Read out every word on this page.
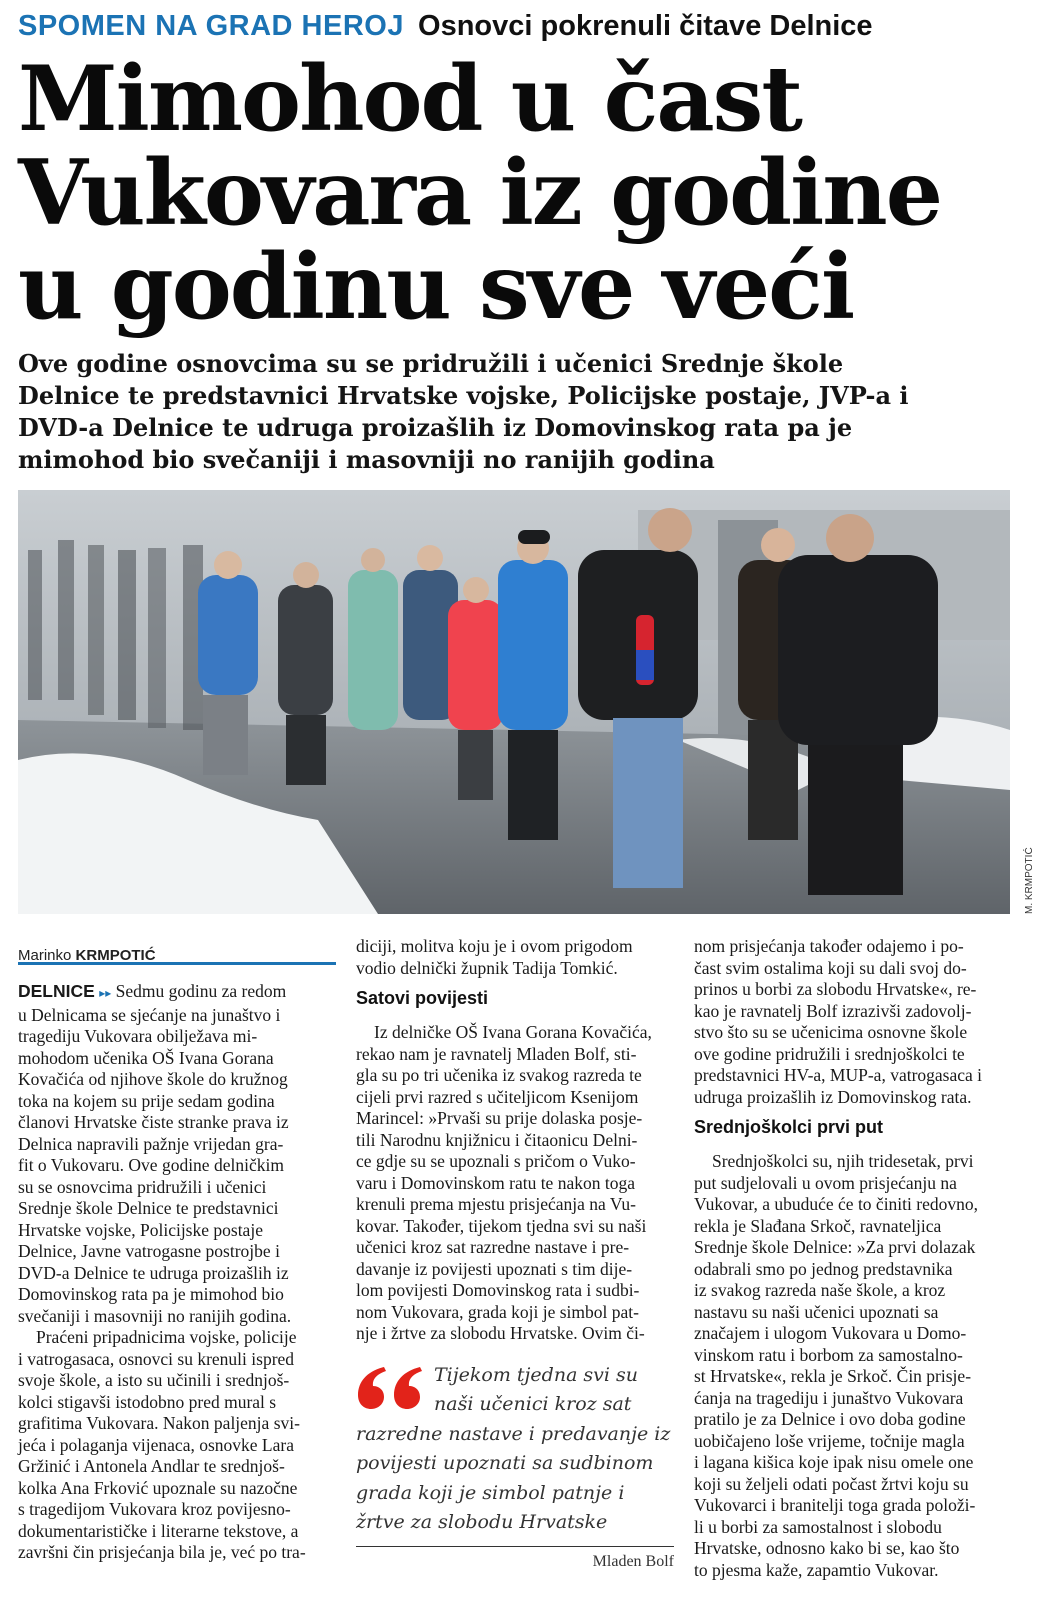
SPOMEN NA GRAD HEROJ Osnovci pokrenuli čitave Delnice
Mimohod u čast
Vukovara iz godine
u godinu sve veći
Ove godine osnovcima su se pridružili i učenici Srednje škole
Delnice te predstavnici Hrvatske vojske, Policijske postaje, JVP-a i
DVD-a Delnice te udruga proizašlih iz Domovinskog rata pa je
mimohod bio svečaniji i masovniji no ranijih godina
M. KRMPOTIĆ
Marinko KRMPOTIĆ
DELNICE ▸▸ Sedmu godinu za redom
u Delnicama se sjećanje na junaštvo i
tragediju Vukovara obilježava mi-
mohodom učenika OŠ Ivana Gorana
Kovačića od njihove škole do kružnog
toka na kojem su prije sedam godina
članovi Hrvatske čiste stranke prava iz
Delnica napravili pažnje vrijedan gra-
fit o Vukovaru. Ove godine delničkim
su se osnovcima pridružili i učenici
Srednje škole Delnice te predstavnici
Hrvatske vojske, Policijske postaje
Delnice, Javne vatrogasne postrojbe i
DVD-a Delnice te udruga proizašlih iz
Domovinskog rata pa je mimohod bio
svečaniji i masovniji no ranijih godina.
Praćeni pripadnicima vojske, policije
i vatrogasaca, osnovci su krenuli ispred
svoje škole, a isto su učinili i srednjoš-
kolci stigavši istodobno pred mural s
grafitima Vukovara. Nakon paljenja svi-
jeća i polaganja vijenaca, osnovke Lara
Gržinić i Antonela Andlar te srednjoš-
kolka Ana Frković upoznale su nazočne
s tragedijom Vukovara kroz povijesno-
dokumentarističke i literarne tekstove, a
završni čin prisjećanja bila je, već po tra-
diciji, molitva koju je i ovom prigodom
vodio delnički župnik Tadija Tomkić.
Satovi povijesti
Iz delničke OŠ Ivana Gorana Kovačića,
rekao nam je ravnatelj Mladen Bolf, sti-
gla su po tri učenika iz svakog razreda te
cijeli prvi razred s učiteljicom Ksenijom
Marincel: »Prvaši su prije dolaska posje-
tili Narodnu knjižnicu i čitaonicu Delni-
ce gdje su se upoznali s pričom o Vuko-
varu i Domovinskom ratu te nakon toga
krenuli prema mjestu prisjećanja na Vu-
kovar. Također, tijekom tjedna svi su naši
učenici kroz sat razredne nastave i pre-
davanje iz povijesti upoznati s tim dije-
lom povijesti Domovinskog rata i sudbi-
nom Vukovara, grada koji je simbol pat-
nje i žrtve za slobodu Hrvatske. Ovim či-
Tijekom tjedna svi su
naši učenici kroz sat
razredne nastave i predavanje iz
povijesti upoznati sa sudbinom
grada koji je simbol patnje i
žrtve za slobodu Hrvatske
Mladen Bolf
nom prisjećanja također odajemo i po-
čast svim ostalima koji su dali svoj do-
prinos u borbi za slobodu Hrvatske«, re-
kao je ravnatelj Bolf izrazivši zadovolj-
stvo što su se učenicima osnovne škole
ove godine pridružili i srednjoškolci te
predstavnici HV-a, MUP-a, vatrogasaca i
udruga proizašlih iz Domovinskog rata.
Srednjoškolci prvi put
Srednjoškolci su, njih tridesetak, prvi
put sudjelovali u ovom prisjećanju na
Vukovar, a ubuduće će to činiti redovno,
rekla je Slađana Srkoč, ravnateljica
Srednje škole Delnice: »Za prvi dolazak
odabrali smo po jednog predstavnika
iz svakog razreda naše škole, a kroz
nastavu su naši učenici upoznati sa
značajem i ulogom Vukovara u Domo-
vinskom ratu i borbom za samostalno-
st Hrvatske«, rekla je Srkoč. Čin prisje-
ćanja na tragediju i junaštvo Vukovara
pratilo je za Delnice i ovo doba godine
uobičajeno loše vrijeme, točnije magla
i lagana kišica koje ipak nisu omele one
koji su željeli odati počast žrtvi koju su
Vukovarci i branitelji toga grada položi-
li u borbi za samostalnost i slobodu
Hrvatske, odnosno kako bi se, kao što
to pjesma kaže, zapamtio Vukovar.
